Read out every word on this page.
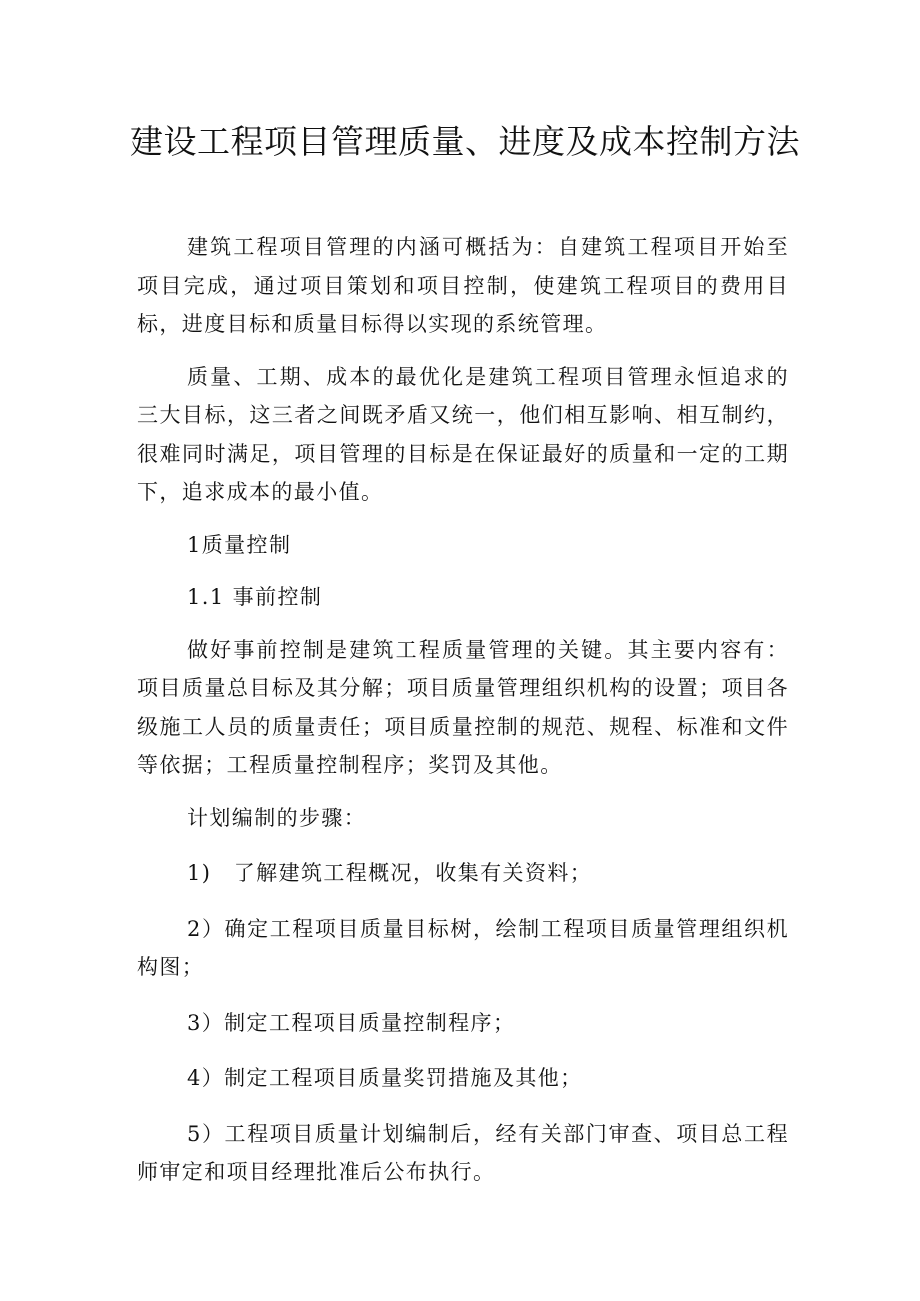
建设工程项目管理质量、进度及成本控制方法

建筑工程项目管理的内涵可概括为：自建筑工程项目开始至项目完成，通过项目策划和项目控制，使建筑工程项目的费用目标，进度目标和质量目标得以实现的系统管理。

质量、工期、成本的最优化是建筑工程项目管理永恒追求的三大目标，这三者之间既矛盾又统一，他们相互影响、相互制约，很难同时满足，项目管理的目标是在保证最好的质量和一定的工期下，追求成本的最小值。

1质量控制

1.1 事前控制

做好事前控制是建筑工程质量管理的关键。其主要内容有：项目质量总目标及其分解；项目质量管理组织机构的设置；项目各级施工人员的质量责任；项目质量控制的规范、规程、标准和文件等依据；工程质量控制程序；奖罚及其他。

计划编制的步骤：

1)　了解建筑工程概况，收集有关资料；

2）确定工程项目质量目标树，绘制工程项目质量管理组织机构图；

3）制定工程项目质量控制程序；

4）制定工程项目质量奖罚措施及其他；

5）工程项目质量计划编制后，经有关部门审查、项目总工程师审定和项目经理批准后公布执行。
